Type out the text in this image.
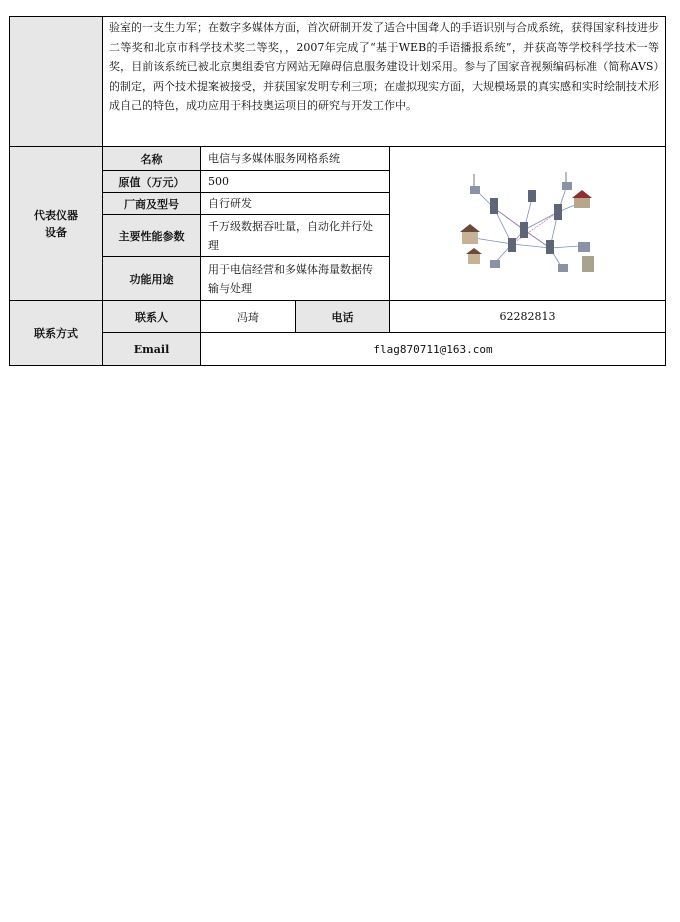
	验室的一支生力军；在数字多媒体方面，首次研制开发了适合中国聋人的手语识别与合成系统，获得国家科技进步二等奖和北京市科学技术奖二等奖，，2007年完成了“基于WEB的手语播报系统”，并获高等学校科学技术一等奖，目前该系统已被北京奥组委官方网站无障碍信息服务建设计划采用。参与了国家音视频编码标准（简称AVS）的制定，两个技术提案被接受，并获国家发明专利三项；在虚拟现实方面，大规模场景的真实感和实时绘制技术形成自己的特色，成功应用于科技奥运项目的研究与开发工作中。			

代表仪器设备	名称	电信与多媒体服务网格系统	

	原值（万元）	500		
	厂商及型号	自行研发		
	主要性能参数	千万级数据吞吐量，自动化并行处理		
	功能用途	用于电信经营和多媒体海量数据传输与处理		
联系方式	联系人	冯琦	电话	62282813
	Email	flag870711@163.com		
